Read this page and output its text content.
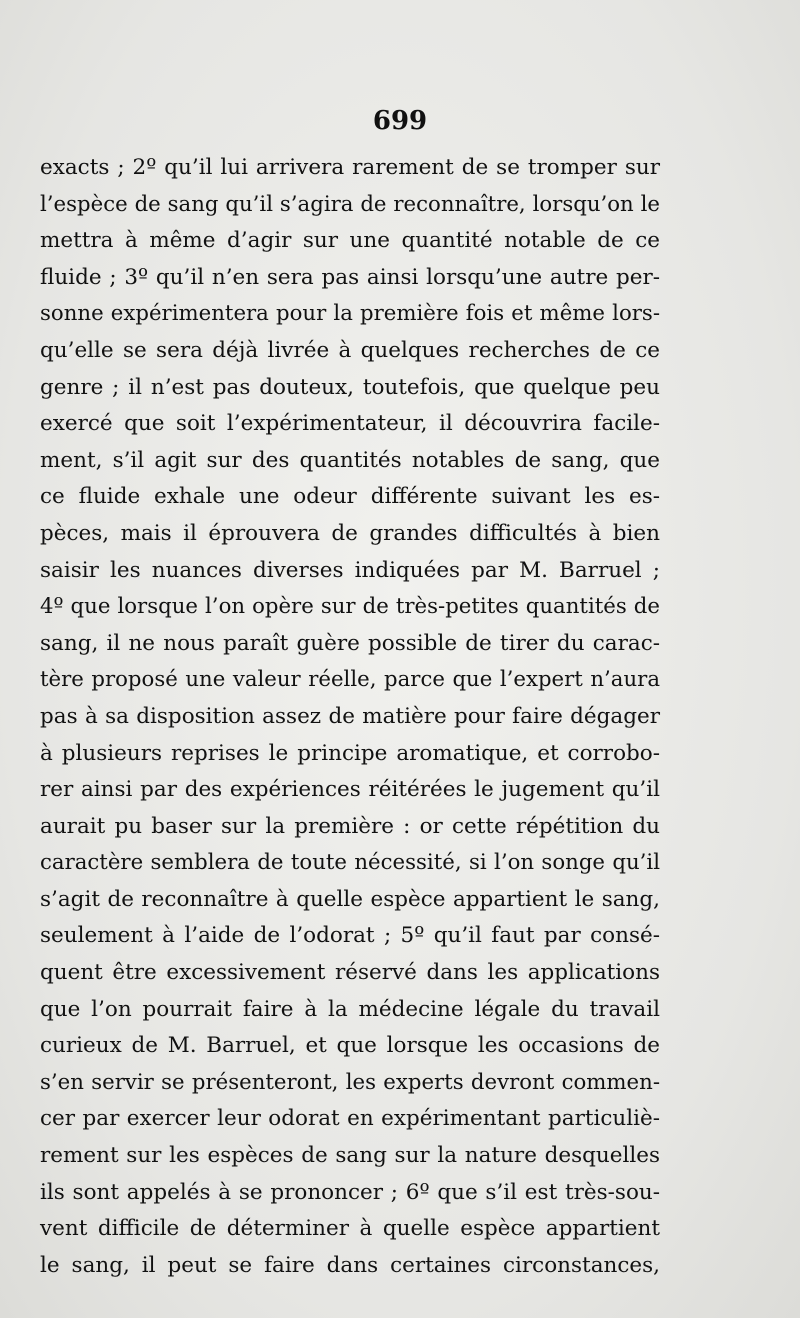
699
exacts ; 2º qu’il lui arrivera rarement de se tromper sur
l’espèce de sang qu’il s’agira de reconnaître, lorsqu’on le
mettra à même d’agir sur une quantité notable de ce
fluide ; 3º qu’il n’en sera pas ainsi lorsqu’une autre per-
sonne expérimentera pour la première fois et même lors-
qu’elle se sera déjà livrée à quelques recherches de ce
genre ; il n’est pas douteux, toutefois, que quelque peu
exercé que soit l’expérimentateur, il découvrira facile-
ment, s’il agit sur des quantités notables de sang, que
ce fluide exhale une odeur différente suivant les es-
pèces, mais il éprouvera de grandes difficultés à bien
saisir les nuances diverses indiquées par M. Barruel ;
4º que lorsque l’on opère sur de très-petites quantités de
sang, il ne nous paraît guère possible de tirer du carac-
tère proposé une valeur réelle, parce que l’expert n’aura
pas à sa disposition assez de matière pour faire dégager
à plusieurs reprises le principe aromatique, et corrobo-
rer ainsi par des expériences réitérées le jugement qu’il
aurait pu baser sur la première : or cette répétition du
caractère semblera de toute nécessité, si l’on songe qu’il
s’agit de reconnaître à quelle espèce appartient le sang,
seulement à l’aide de l’odorat ; 5º qu’il faut par consé-
quent être excessivement réservé dans les applications
que l’on pourrait faire à la médecine légale du travail
curieux de M. Barruel, et que lorsque les occasions de
s’en servir se présenteront, les experts devront commen-
cer par exercer leur odorat en expérimentant particuliè-
rement sur les espèces de sang sur la nature desquelles
ils sont appelés à se prononcer ; 6º que s’il est très-sou-
vent difficile de déterminer à quelle espèce appartient
le sang, il peut se faire dans certaines circonstances,
